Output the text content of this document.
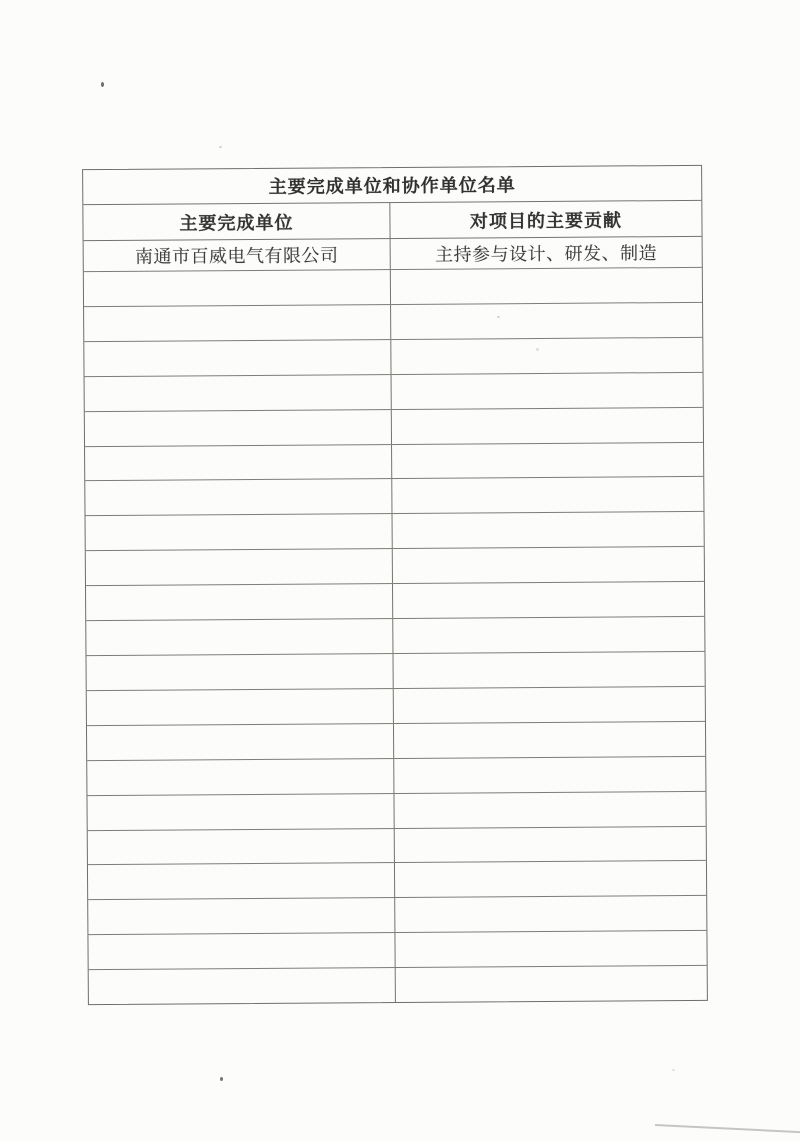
主要完成单位和协作单位名单
主要完成单位	对项目的主要贡献
南通市百威电气有限公司	主持参与设计、研发、制造
